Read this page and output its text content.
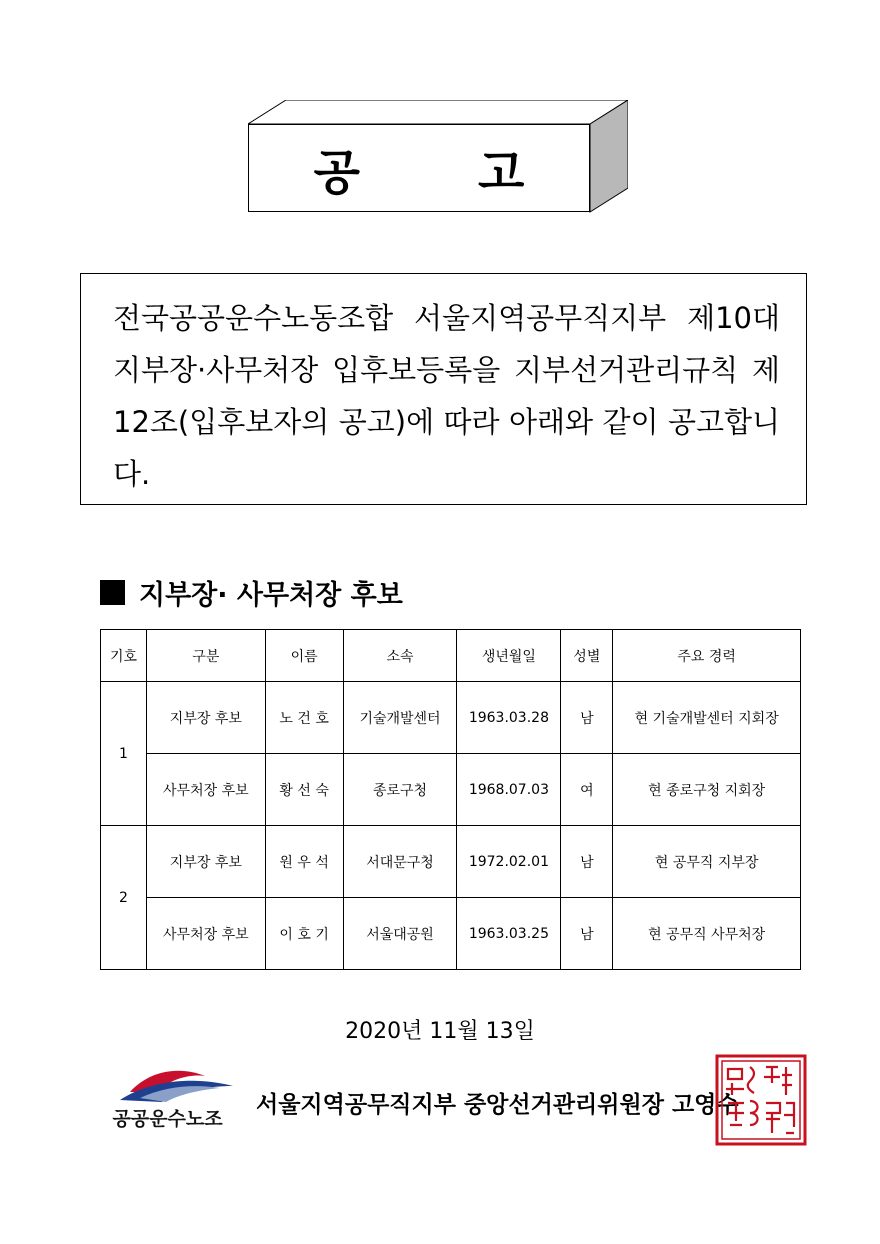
공 고

전국공공운수노동조합 서울지역공무직지부 제10대 지부장·사무처장 입후보등록을 지부선거관리규칙 제12조(입후보자의 공고)에 따라 아래와 같이 공고합니다.

지부장· 사무처장 후보
기호	구분	이름	소속	생년월일	성별	주요 경력
1	지부장 후보	노 건 호	기술개발센터	1963.03.28	남	현 기술개발센터 지회장
	사무처장 후보	황 선 숙	종로구청	1968.07.03	여	현 종로구청 지회장
2	지부장 후보	원 우 석	서대문구청	1972.02.01	남	현 공무직 지부장
	사무처장 후보	이 호 기	서울대공원	1963.03.25	남	현 공무직 사무처장
2020년 11월 13일
공공운수노조
서울지역공무직지부 중앙선거관리위원장 고영수
